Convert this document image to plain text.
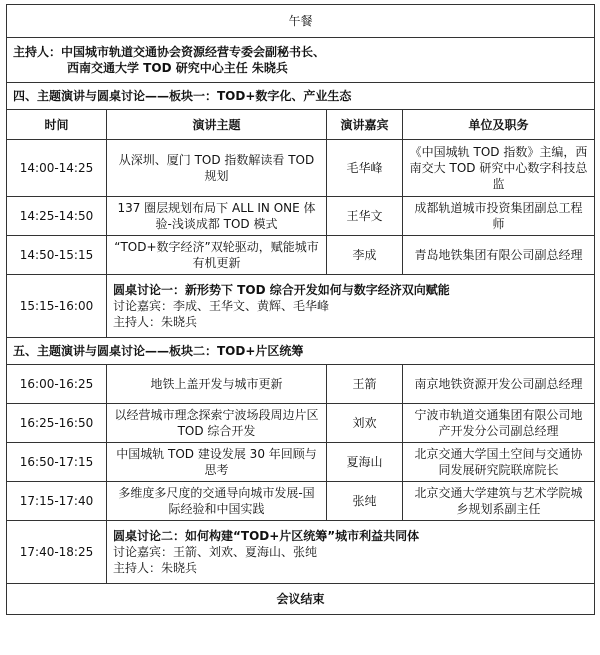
午餐			

主持人：中国城市轨道交通协会资源经营专委会副秘书长、
西南交通大学 TOD 研究中心主任 朱晓兵			

四、主题演讲与圆桌讨论——板块一：TOD+数字化、产业生态			
时间	演讲主题	演讲嘉宾	单位及职务
14:00-14:25	从深圳、厦门 TOD 指数解读看 TOD 规划	毛华峰	《中国城轨 TOD 指数》主编，西南交大 TOD 研究中心数字科技总监
14:25-14:50	137 圈层规划布局下 ALL IN ONE 体验-浅谈成都 TOD 模式	王华文	成都轨道城市投资集团副总工程师
14:50-15:15	“TOD+数字经济”双轮驱动，赋能城市有机更新	李成	青岛地铁集团有限公司副总经理
15:15-16:00	圆桌讨论一：新形势下 TOD 综合开发如何与数字经济双向赋能
讨论嘉宾：李成、王华文、黄辉、毛华峰
主持人：朱晓兵		

五、主题演讲与圆桌讨论——板块二：TOD+片区统筹			
16:00-16:25	地铁上盖开发与城市更新	王箭	南京地铁资源开发公司副总经理
16:25-16:50	以经营城市理念探索宁波场段周边片区 TOD 综合开发	刘欢	宁波市轨道交通集团有限公司地产开发分公司副总经理
16:50-17:15	中国城轨 TOD 建设发展 30 年回顾与思考	夏海山	北京交通大学国土空间与交通协同发展研究院联席院长
17:15-17:40	多维度多尺度的交通导向城市发展-国际经验和中国实践	张纯	北京交通大学建筑与艺术学院城乡规划系副主任
17:40-18:25	圆桌讨论二：如何构建“TOD+片区统筹”城市利益共同体
讨论嘉宾：王箭、刘欢、夏海山、张纯
主持人：朱晓兵		

会议结束			
